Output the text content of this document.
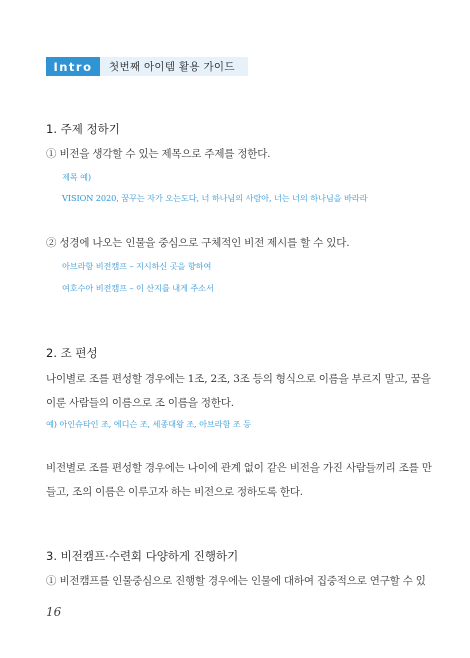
Intro	첫번째 아이템 활용 가이드
1. 주제 정하기
① 비전을 생각할 수 있는 제목으로 주제를 정한다.
제목 예)
VISION 2020, 꿈꾸는 자가 오는도다, 너 하나님의 사람아, 너는 너의 하나님을 바라라
② 성경에 나오는 인물을 중심으로 구체적인 비전 제시를 할 수 있다.
아브라함 비전캠프 – 지시하신 곳을 향하여
여호수아 비전캠프 – 이 산지를 내게 주소서
2. 조 편성
나이별로 조를 편성할 경우에는 1조, 2조, 3조 등의 형식으로 이름을 부르지 말고, 꿈을
이룬 사람들의 이름으로 조 이름을 정한다.
예) 아인슈타인 조, 에디슨 조, 세종대왕 조, 아브라함 조 등
비전별로 조를 편성할 경우에는 나이에 관계 없이 같은 비전을 가진 사람들끼리 조를 만
들고, 조의 이름은 이루고자 하는 비전으로 정하도록 한다.
3. 비전캠프·수련회 다양하게 진행하기
① 비전캠프를 인물중심으로 진행할 경우에는 인물에 대하여 집중적으로 연구할 수 있
16
